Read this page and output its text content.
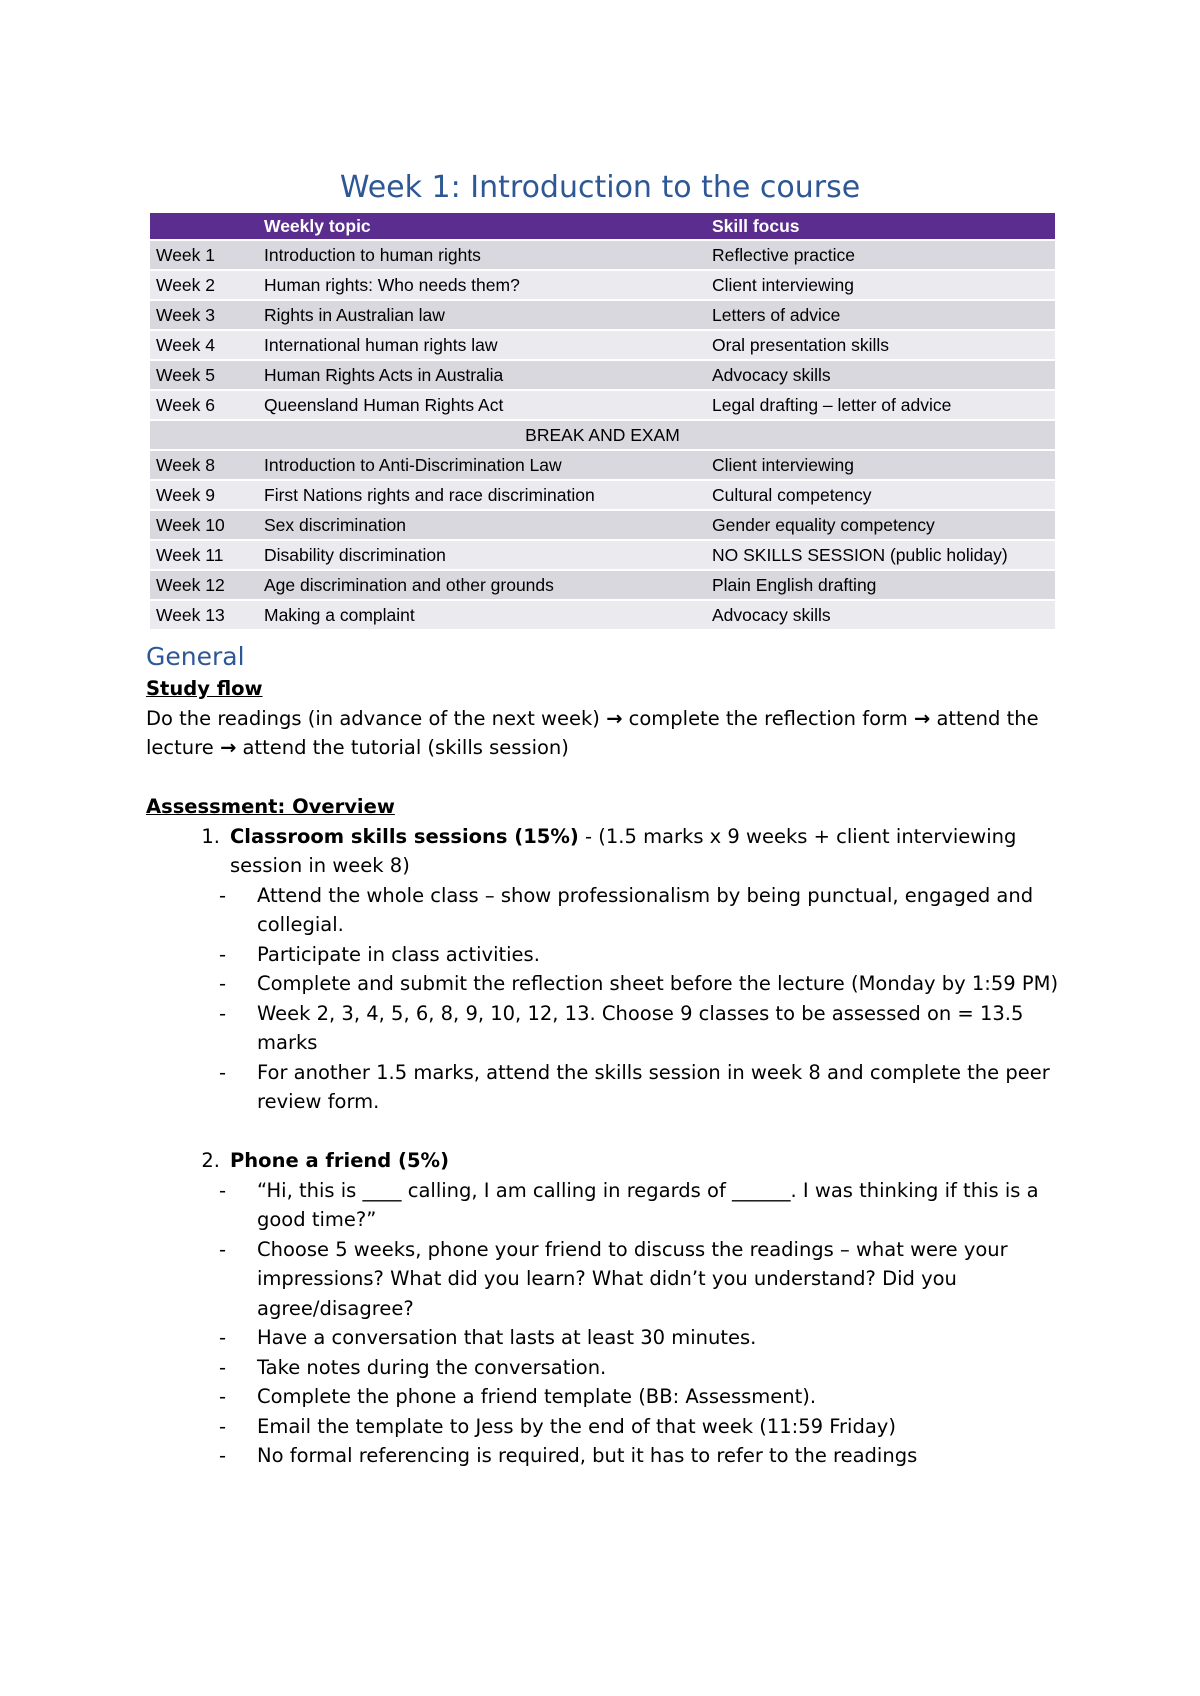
Week 1: Introduction to the course
	Weekly topic	Skill focus
Week 1	Introduction to human rights	Reflective practice
Week 2	Human rights: Who needs them?	Client interviewing
Week 3	Rights in Australian law	Letters of advice
Week 4	International human rights law	Oral presentation skills
Week 5	Human Rights Acts in Australia	Advocacy skills
Week 6	Queensland Human Rights Act	Legal drafting – letter of advice
BREAK AND EXAM		
Week 8	Introduction to Anti-Discrimination Law	Client interviewing
Week 9	First Nations rights and race discrimination	Cultural competency
Week 10	Sex discrimination	Gender equality competency
Week 11	Disability discrimination	NO SKILLS SESSION (public holiday)
Week 12	Age discrimination and other grounds	Plain English drafting
Week 13	Making a complaint	Advocacy skills
General
Study flow
Do the readings (in advance of the next week) → complete the reflection form → attend the lecture → attend the tutorial (skills session)
Assessment: Overview
1. Classroom skills sessions (15%) - (1.5 marks x 9 weeks + client interviewing session in week 8)
-	Attend the whole class – show professionalism by being punctual, engaged and collegial.
-	Participate in class activities.
-	Complete and submit the reflection sheet before the lecture (Monday by 1:59 PM)
-	Week 2, 3, 4, 5, 6, 8, 9, 10, 12, 13. Choose 9 classes to be assessed on = 13.5 marks
-	For another 1.5 marks, attend the skills session in week 8 and complete the peer review form.
2. Phone a friend (5%)
-	“Hi, this is ____ calling, I am calling in regards of ______. I was thinking if this is a good time?”
-	Choose 5 weeks, phone your friend to discuss the readings – what were your impressions? What did you learn? What didn’t you understand? Did you agree/disagree?
-	Have a conversation that lasts at least 30 minutes.
-	Take notes during the conversation.
-	Complete the phone a friend template (BB: Assessment).
-	Email the template to Jess by the end of that week (11:59 Friday)
-	No formal referencing is required, but it has to refer to the readings
